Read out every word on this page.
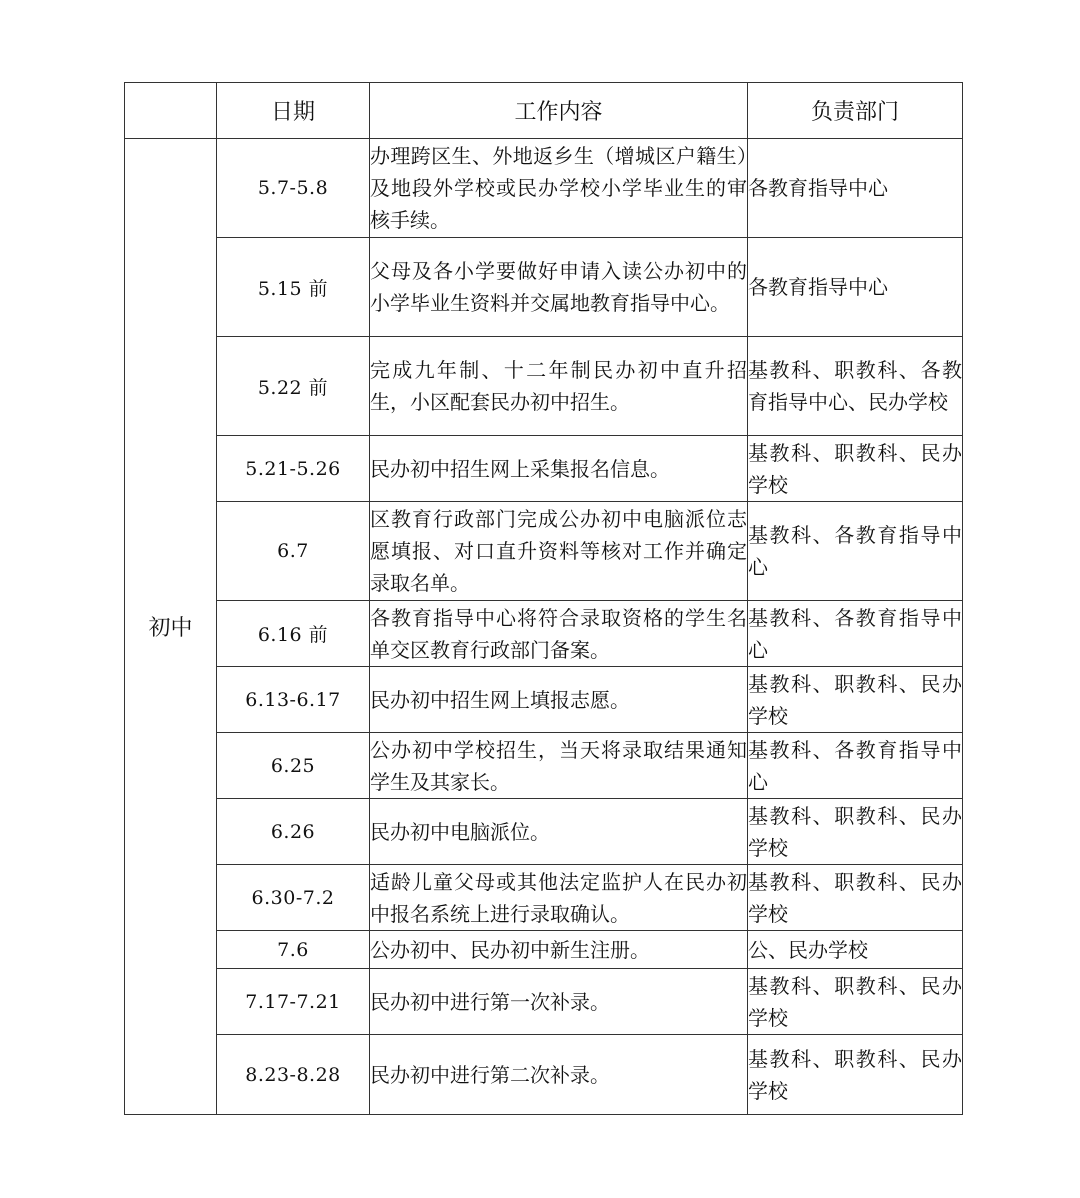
	日期	工作内容	负责部门
初中	5.7-5.8	办理跨区生、外地返乡生（增城区户籍生）及地段外学校或民办学校小学毕业生的审核手续。	各教育指导中心
	5.15 前	父母及各小学要做好申请入读公办初中的小学毕业生资料并交属地教育指导中心。	各教育指导中心
	5.22 前	完成九年制、十二年制民办初中直升招生，小区配套民办初中招生。	基教科、职教科、各教育指导中心、民办学校
	5.21-5.26	民办初中招生网上采集报名信息。	基教科、职教科、民办学校
	6.7	区教育行政部门完成公办初中电脑派位志愿填报、对口直升资料等核对工作并确定录取名单。	基教科、各教育指导中心
	6.16 前	各教育指导中心将符合录取资格的学生名单交区教育行政部门备案。	基教科、各教育指导中心
	6.13-6.17	民办初中招生网上填报志愿。	基教科、职教科、民办学校
	6.25	公办初中学校招生，当天将录取结果通知学生及其家长。	基教科、各教育指导中心
	6.26	民办初中电脑派位。	基教科、职教科、民办学校
	6.30-7.2	适龄儿童父母或其他法定监护人在民办初中报名系统上进行录取确认。	基教科、职教科、民办学校
	7.6	公办初中、民办初中新生注册。	公、民办学校
	7.17-7.21	民办初中进行第一次补录。	基教科、职教科、民办学校
	8.23-8.28	民办初中进行第二次补录。	基教科、职教科、民办学校
